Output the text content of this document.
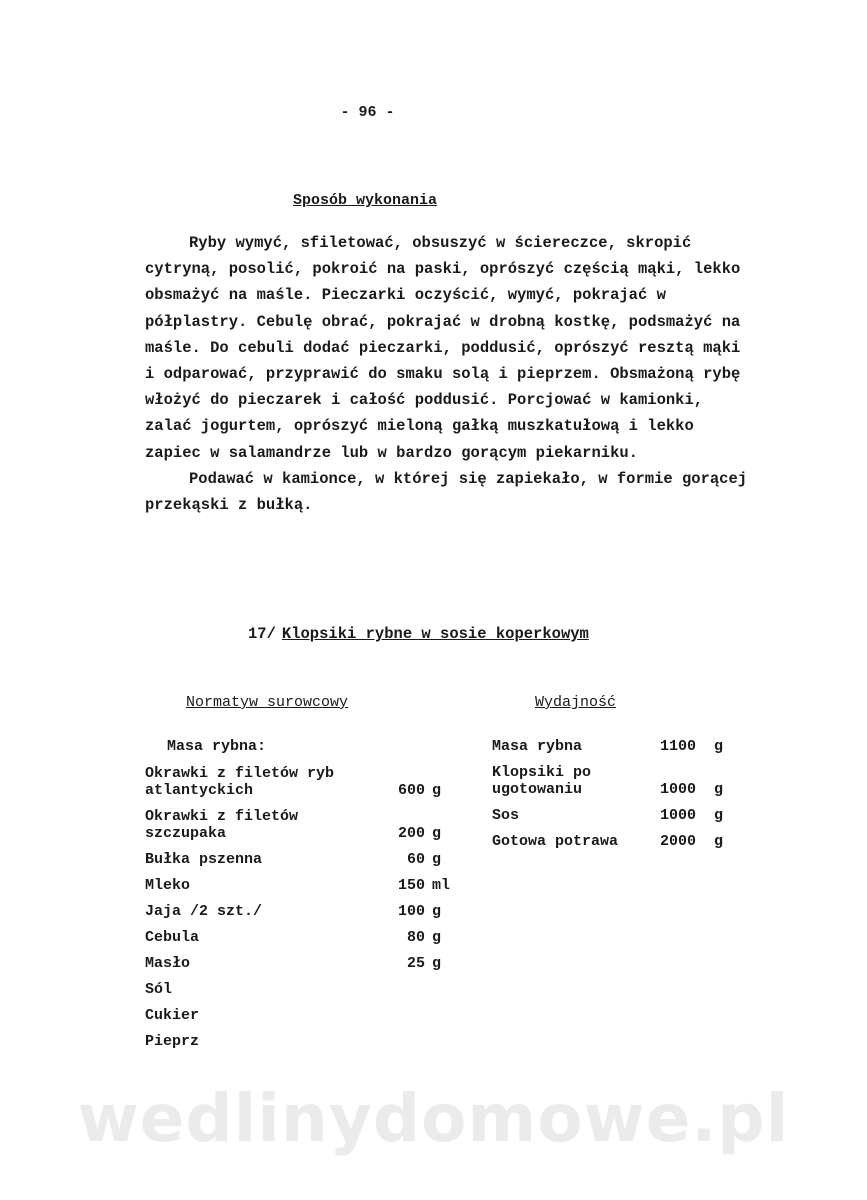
- 96 -
Sposób wykonania

Ryby wymyć, sfiletować, obsuszyć w ściereczce, skropić cytryną, posolić, pokroić na paski, oprószyć częścią mąki, lekko obsmażyć na maśle. Pieczarki oczyścić, wymyć, pokrajać w półplastry. Cebulę obrać, pokrajać w drobną kostkę, podsmażyć na maśle. Do cebuli dodać pieczarki, poddusić, oprószyć resztą mąki i odparować, przyprawić do smaku solą i pieprzem. Obsmażoną rybę włożyć do pieczarek i całość poddusić. Porcjować w kamionki, zalać jogurtem, oprószyć mieloną gałką muszkatułową i lekko zapiec w salamandrze lub w bardzo gorącym piekarniku.

Podawać w kamionce, w której się zapiekało, w formie gorącej przekąski z bułką.

17/ Klopsiki rybne w sosie koperkowym
Normatyw surowcowy	Wydajność
Masa rybna:
Okrawki z filetów ryb atlantyckich	600 g
Okrawki z filetów szczupaka	200 g
Bułka pszenna	60 g
Mleko	150 ml
Jaja /2 szt./	100 g
Cebula	80 g
Masło	25 g
Sól
Cukier
Pieprz
Masa rybna	1100 g
Klopsiki po ugotowaniu	1000 g
Sos	1000 g
Gotowa potrawa	2000 g
wedlinydomowe.pl
